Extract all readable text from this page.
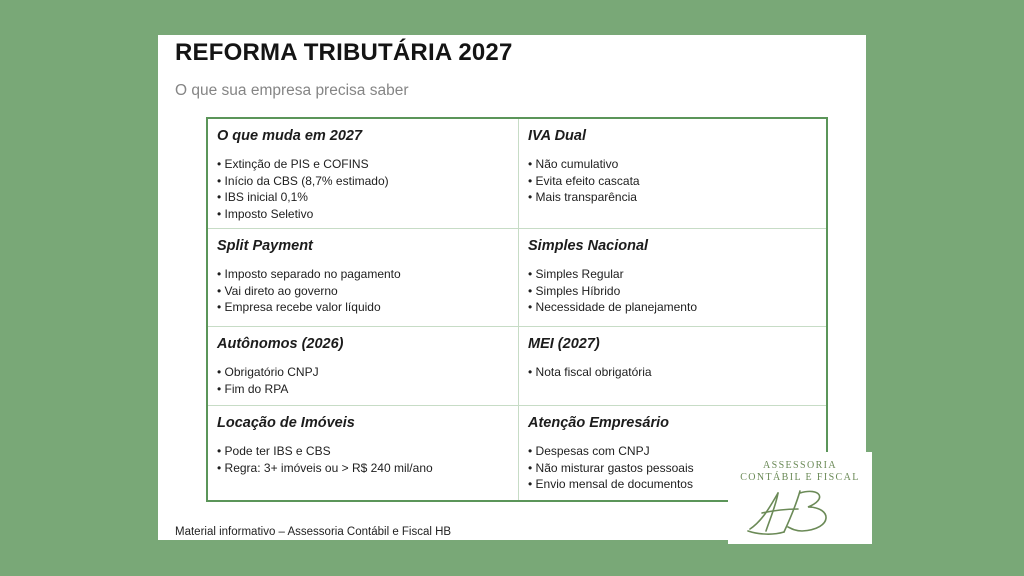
REFORMA TRIBUTÁRIA 2027
O que sua empresa precisa saber
O que muda em 2027
• Extinção de PIS e COFINS
• Início da CBS (8,7% estimado)
• IBS inicial 0,1%
• Imposto Seletivo
IVA Dual
• Não cumulativo
• Evita efeito cascata
• Mais transparência
Split Payment
• Imposto separado no pagamento
• Vai direto ao governo
• Empresa recebe valor líquido
Simples Nacional
• Simples Regular
• Simples Híbrido
• Necessidade de planejamento
Autônomos (2026)
• Obrigatório CNPJ
• Fim do RPA
MEI (2027)
• Nota fiscal obrigatória
Locação de Imóveis
• Pode ter IBS e CBS
• Regra: 3+ imóveis ou > R$ 240 mil/ano
Atenção Empresário
• Despesas com CNPJ
• Não misturar gastos pessoais
• Envio mensal de documentos
Material informativo – Assessoria Contábil e Fiscal HB
ASSESSORIA
CONTÁBIL E FISCAL
